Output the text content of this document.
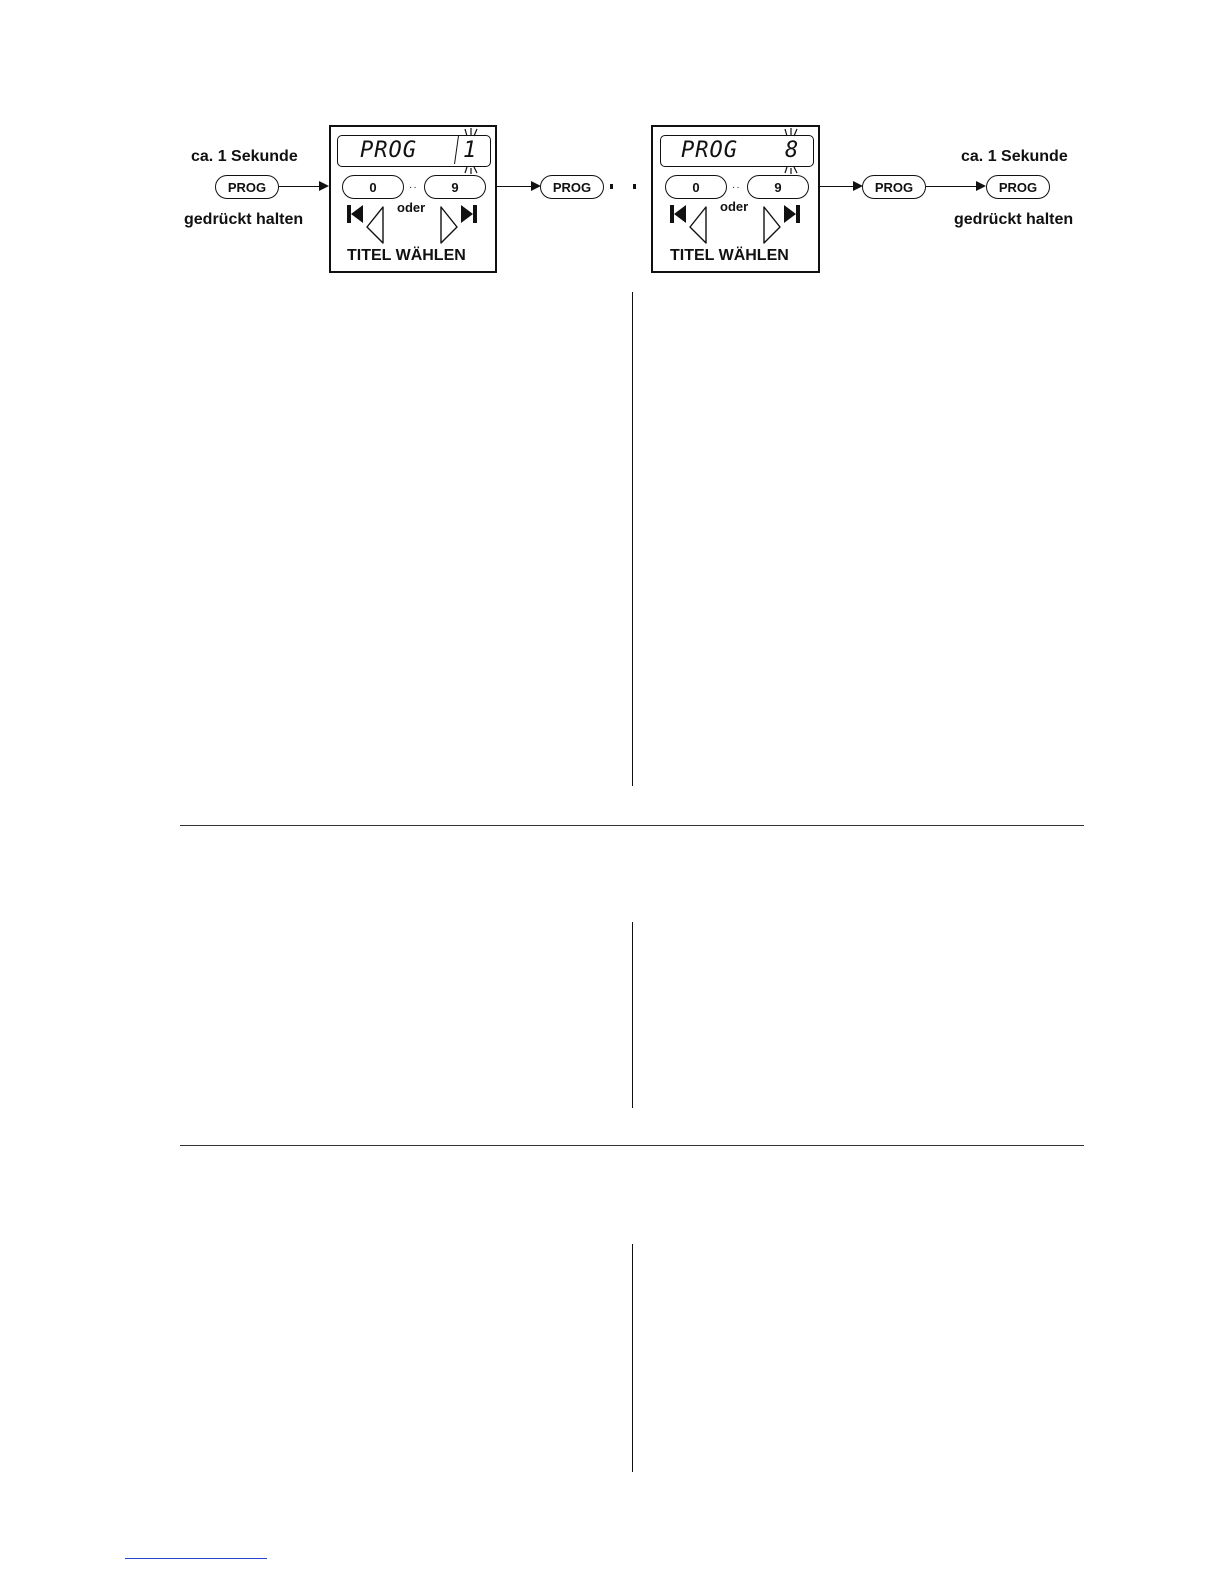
ca. 1 Sekunde
PROG
gedrückt halten
PROG 1
0	··	9
oder
TITEL WÄHLEN
PROG
PROG 8
0	··	9
oder
TITEL WÄHLEN
PROG
ca. 1 Sekunde
PROG
gedrückt halten
